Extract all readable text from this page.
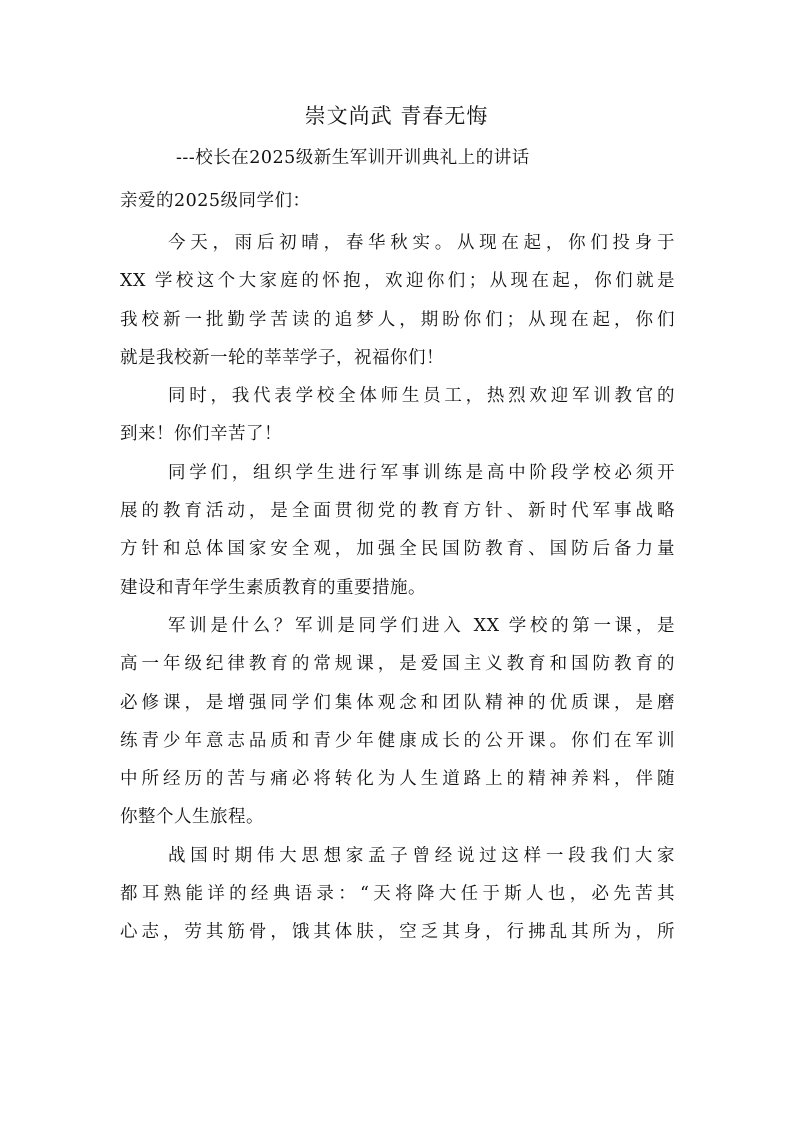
崇文尚武 青春无悔
---校长在2025级新生军训开训典礼上的讲话
亲爱的2025级同学们：
今天，雨后初晴，春华秋实。从现在起，你们投身于
XX 学校这个大家庭的怀抱，欢迎你们；从现在起，你们就是
我校新一批勤学苦读的追梦人，期盼你们；从现在起，你们
就是我校新一轮的莘莘学子，祝福你们！
同时，我代表学校全体师生员工，热烈欢迎军训教官的
到来！你们辛苦了！
同学们，组织学生进行军事训练是高中阶段学校必须开
展的教育活动，是全面贯彻党的教育方针、新时代军事战略
方针和总体国家安全观，加强全民国防教育、国防后备力量
建设和青年学生素质教育的重要措施。
军训是什么？军训是同学们进入 XX 学校的第一课，是
高一年级纪律教育的常规课，是爱国主义教育和国防教育的
必修课，是增强同学们集体观念和团队精神的优质课，是磨
练青少年意志品质和青少年健康成长的公开课。你们在军训
中所经历的苦与痛必将转化为人生道路上的精神养料，伴随
你整个人生旅程。
战国时期伟大思想家孟子曾经说过这样一段我们大家
都耳熟能详的经典语录：“天将降大任于斯人也，必先苦其
心志，劳其筋骨，饿其体肤，空乏其身，行拂乱其所为，所
